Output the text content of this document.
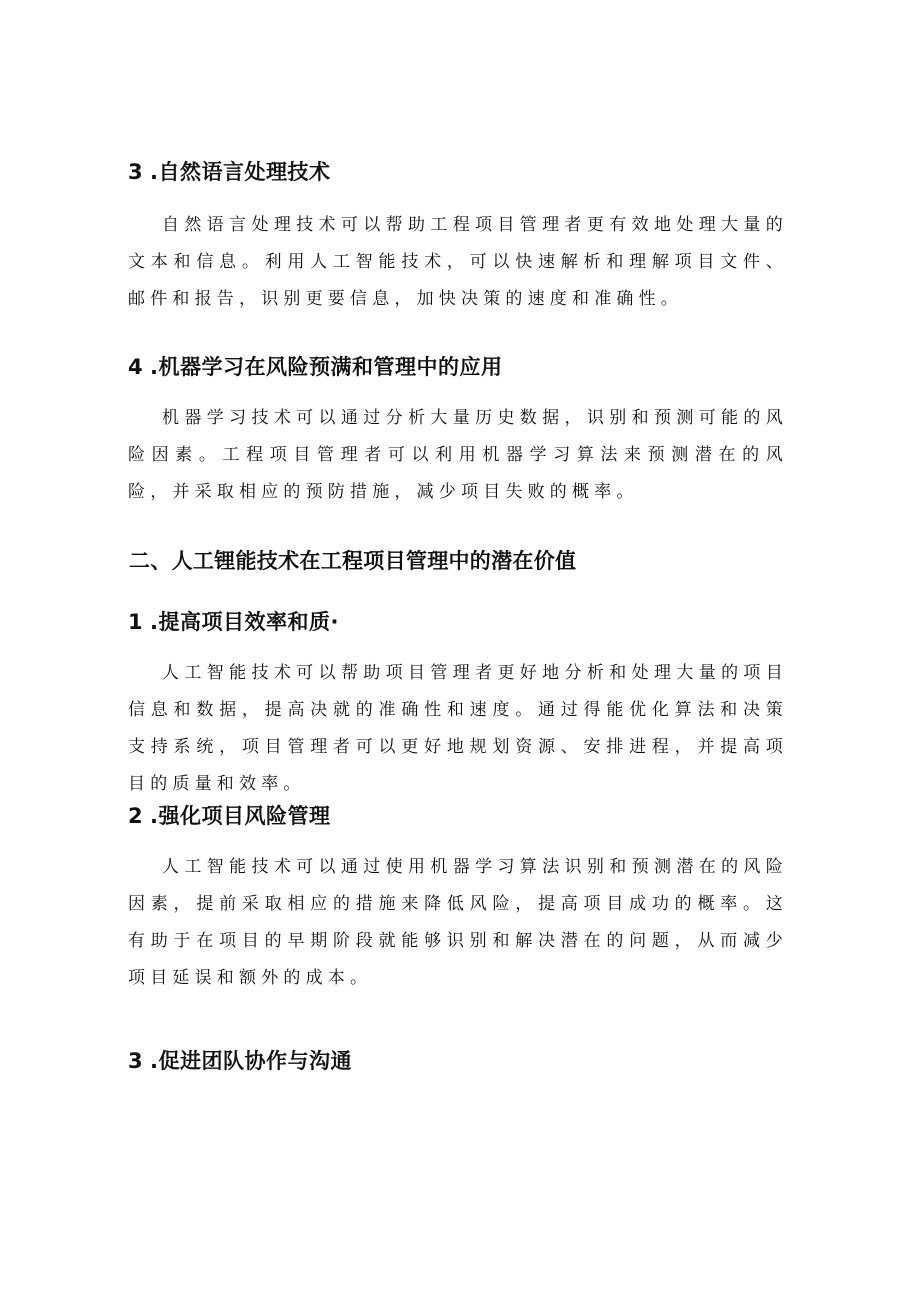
3 .自然语言处理技术

自然语言处理技术可以帮助工程项目管理者更有效地处理大量的文本和信息。利用人工智能技术，可以快速解析和理解项目文件、邮件和报告，识别更要信息，加快决策的速度和准确性。

4 .机器学习在风险预满和管理中的应用

机器学习技术可以通过分析大量历史数据，识别和预测可能的风险因素。工程项目管理者可以利用机器学习算法来预测潜在的风险，并采取相应的预防措施，减少项目失败的概率。

二、人工锂能技术在工程项目管理中的潜在价值
1 .提高项目效率和质·

人工智能技术可以帮助项目管理者更好地分析和处理大量的项目信息和数据，提高决就的准确性和速度。通过得能优化算法和决策支持系统，项目管理者可以更好地规划资源、安排进程，并提高项目的质量和效率。

2 .强化项目风险管理

人工智能技术可以通过使用机器学习算法识别和预测潜在的风险因素，提前采取相应的措施来降低风险，提高项目成功的概率。这有助于在项目的早期阶段就能够识别和解决潜在的问题，从而减少项目延误和额外的成本。

3 .促进团队协作与沟通
